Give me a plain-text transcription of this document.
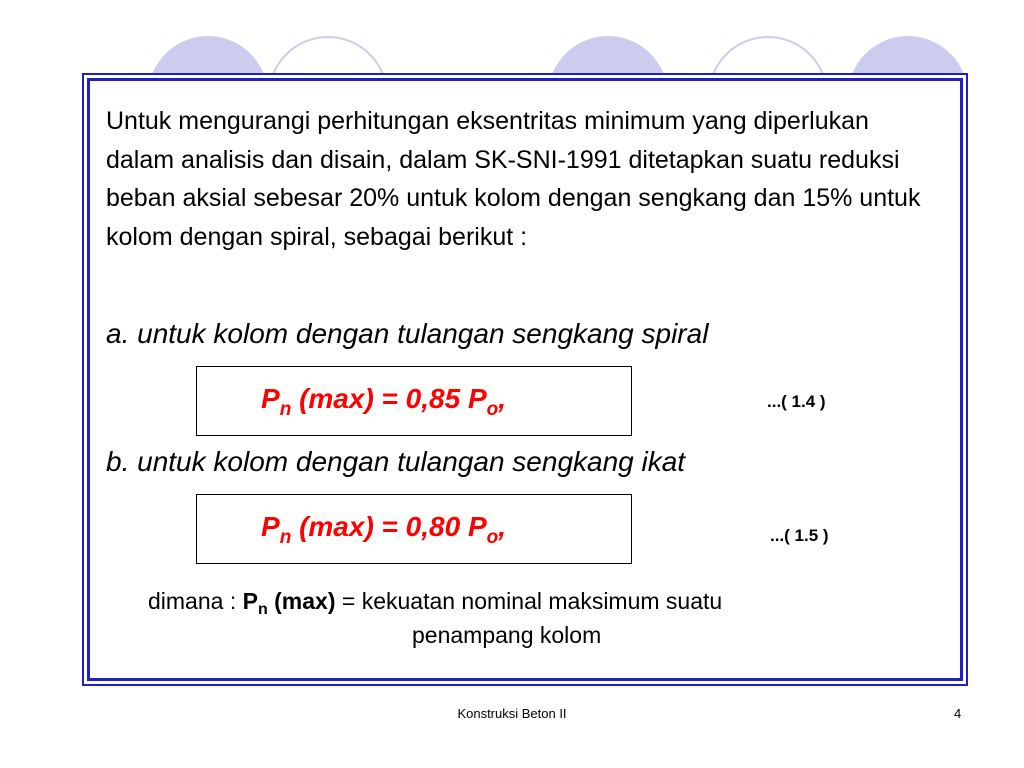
Untuk mengurangi perhitungan eksentritas minimum yang diperlukan dalam analisis dan disain, dalam SK-SNI-1991 ditetapkan suatu reduksi beban aksial sebesar 20% untuk kolom dengan sengkang dan 15% untuk kolom dengan spiral, sebagai berikut :

a. untuk kolom dengan tulangan sengkang spiral

$P_n$ (max) = 0,85 $P_o$,	...( 1.4 )

b. untuk kolom dengan tulangan sengkang ikat

$P_n$ (max) = 0,80 $P_o$,	...( 1.5 )
dimana : $P_n$ (max) = kekuatan nominal maksimum suatu
penampang kolom
Konstruksi Beton II	4
